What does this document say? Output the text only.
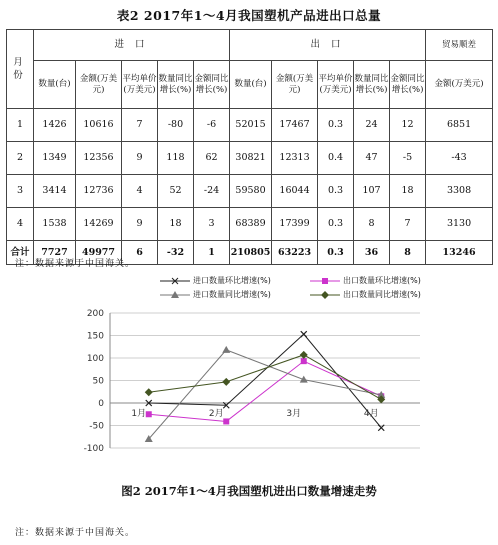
表2 2017年1～4月我国塑机产品进出口总量
月份	进 口					出 口					贸易顺差
	数量(台)	金额(万美元)	平均单价(万美元)	数量同比增长(%)	金额同比增长(%)	数量(台)	金额(万美元)	平均单价(万美元)	数量同比增长(%)	金额同比增长(%)	金额(万美元)
1	1426	10616	7	-80	-6	52015	17467	0.3	24	12	6851
2	1349	12356	9	118	62	30821	12313	0.4	47	-5	-43
3	3414	12736	4	52	-24	59580	16044	0.3	107	18	3308
4	1538	14269	9	18	3	68389	17399	0.3	8	7	3130
合计	7727	49977	6	-32	1	210805	63223	0.3	36	8	13246
注：数据来源于中国海关。
进口数量环比增速(%)	出口数量环比增速(%)
进口数量同比增速(%)	出口数量同比增速(%)
-100
-50
0
50
100
150
200
1月	2月	3月	4月
图2 2017年1～4月我国塑机进出口数量增速走势
注：数据来源于中国海关。
